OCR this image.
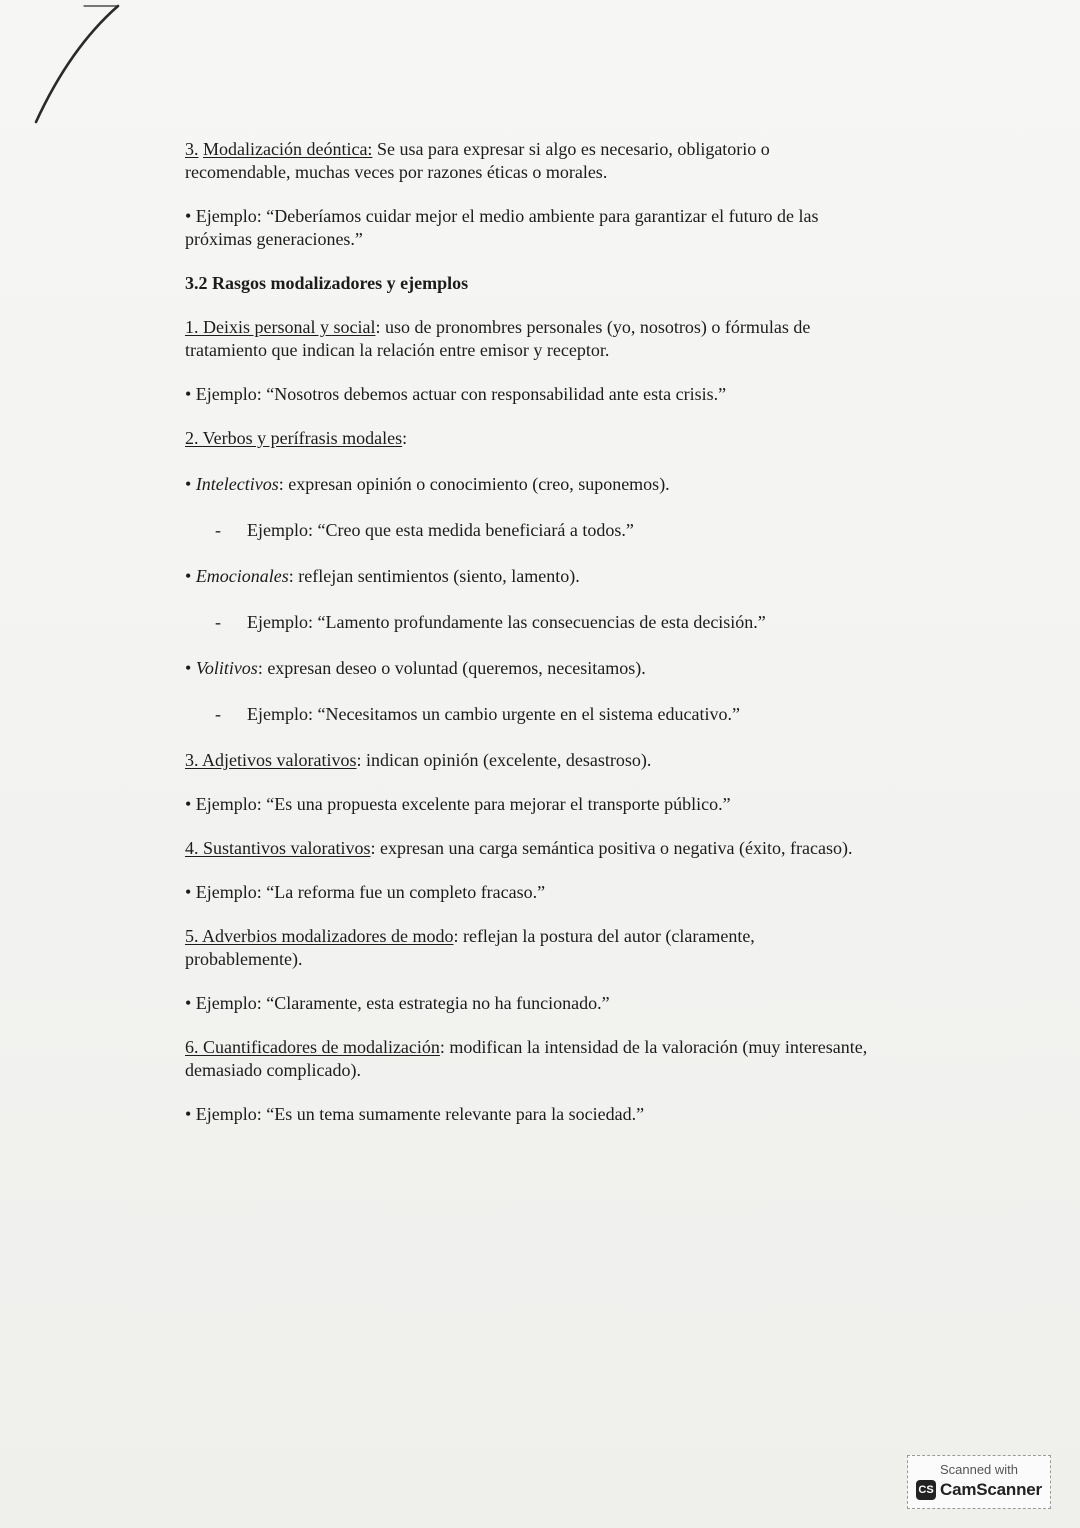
3. Modalización deóntica: Se usa para expresar si algo es necesario, obligatorio o recomendable, muchas veces por razones éticas o morales.

• Ejemplo: “Deberíamos cuidar mejor el medio ambiente para garantizar el futuro de las próximas generaciones.”

3.2 Rasgos modalizadores y ejemplos

1. Deixis personal y social: uso de pronombres personales (yo, nosotros) o fórmulas de tratamiento que indican la relación entre emisor y receptor.

• Ejemplo: “Nosotros debemos actuar con responsabilidad ante esta crisis.”

2. Verbos y perífrasis modales:

• Intelectivos: expresan opinión o conocimiento (creo, suponemos).

- Ejemplo: “Creo que esta medida beneficiará a todos.”

• Emocionales: reflejan sentimientos (siento, lamento).

- Ejemplo: “Lamento profundamente las consecuencias de esta decisión.”

• Volitivos: expresan deseo o voluntad (queremos, necesitamos).

- Ejemplo: “Necesitamos un cambio urgente en el sistema educativo.”

3. Adjetivos valorativos: indican opinión (excelente, desastroso).

• Ejemplo: “Es una propuesta excelente para mejorar el transporte público.”

4. Sustantivos valorativos: expresan una carga semántica positiva o negativa (éxito, fracaso).

• Ejemplo: “La reforma fue un completo fracaso.”

5. Adverbios modalizadores de modo: reflejan la postura del autor (claramente, probablemente).

• Ejemplo: “Claramente, esta estrategia no ha funcionado.”

6. Cuantificadores de modalización: modifican la intensidad de la valoración (muy interesante, demasiado complicado).

• Ejemplo: “Es un tema sumamente relevante para la sociedad.”

Scanned with
CS CamScanner
